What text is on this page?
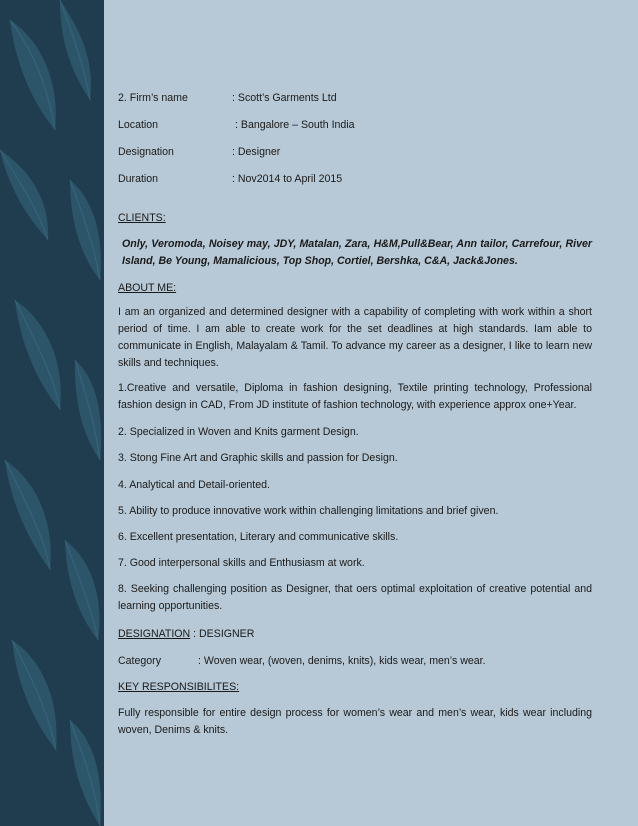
2. Firm’s name	: Scott’s Garments Ltd
Location	: Bangalore – South India
Designation	: Designer
Duration	: Nov2014 to April 2015
CLIENTS:
Only, Veromoda, Noisey may, JDY, Matalan, Zara, H&M,Pull&Bear, Ann tailor, Carrefour, River Island, Be Young, Mamalicious, Top Shop, Cortiel, Bershka, C&A, Jack&Jones.
ABOUT ME:
I am an organized and determined designer with a capability of completing with work within a short period of time. I am able to create work for the set deadlines at high standards. Iam able to communicate in English, Malayalam & Tamil. To advance my career as a designer, I like to learn new skills and techniques.
1.Creative and versatile, Diploma in fashion designing, Textile printing technology, Professional fashion design in CAD, From JD institute of fashion technology, with experience approx one+Year.
2. Specialized in Woven and Knits garment Design.
3. Stong Fine Art and Graphic skills and passion for Design.
4. Analytical and Detail-oriented.
5. Ability to produce innovative work within challenging limitations and brief given.
6. Excellent presentation, Literary and communicative skills.
7. Good interpersonal skills and Enthusiasm at work.
8. Seeking challenging position as Designer, that oers optimal exploitation of creative potential and learning opportunities.
DESIGNATION : DESIGNER
Category	: Woven wear, (woven, denims, knits), kids wear, men’s wear.
KEY RESPONSIBILITES:
Fully responsible for entire design process for women’s wear and men’s wear, kids wear including woven, Denims & knits.
